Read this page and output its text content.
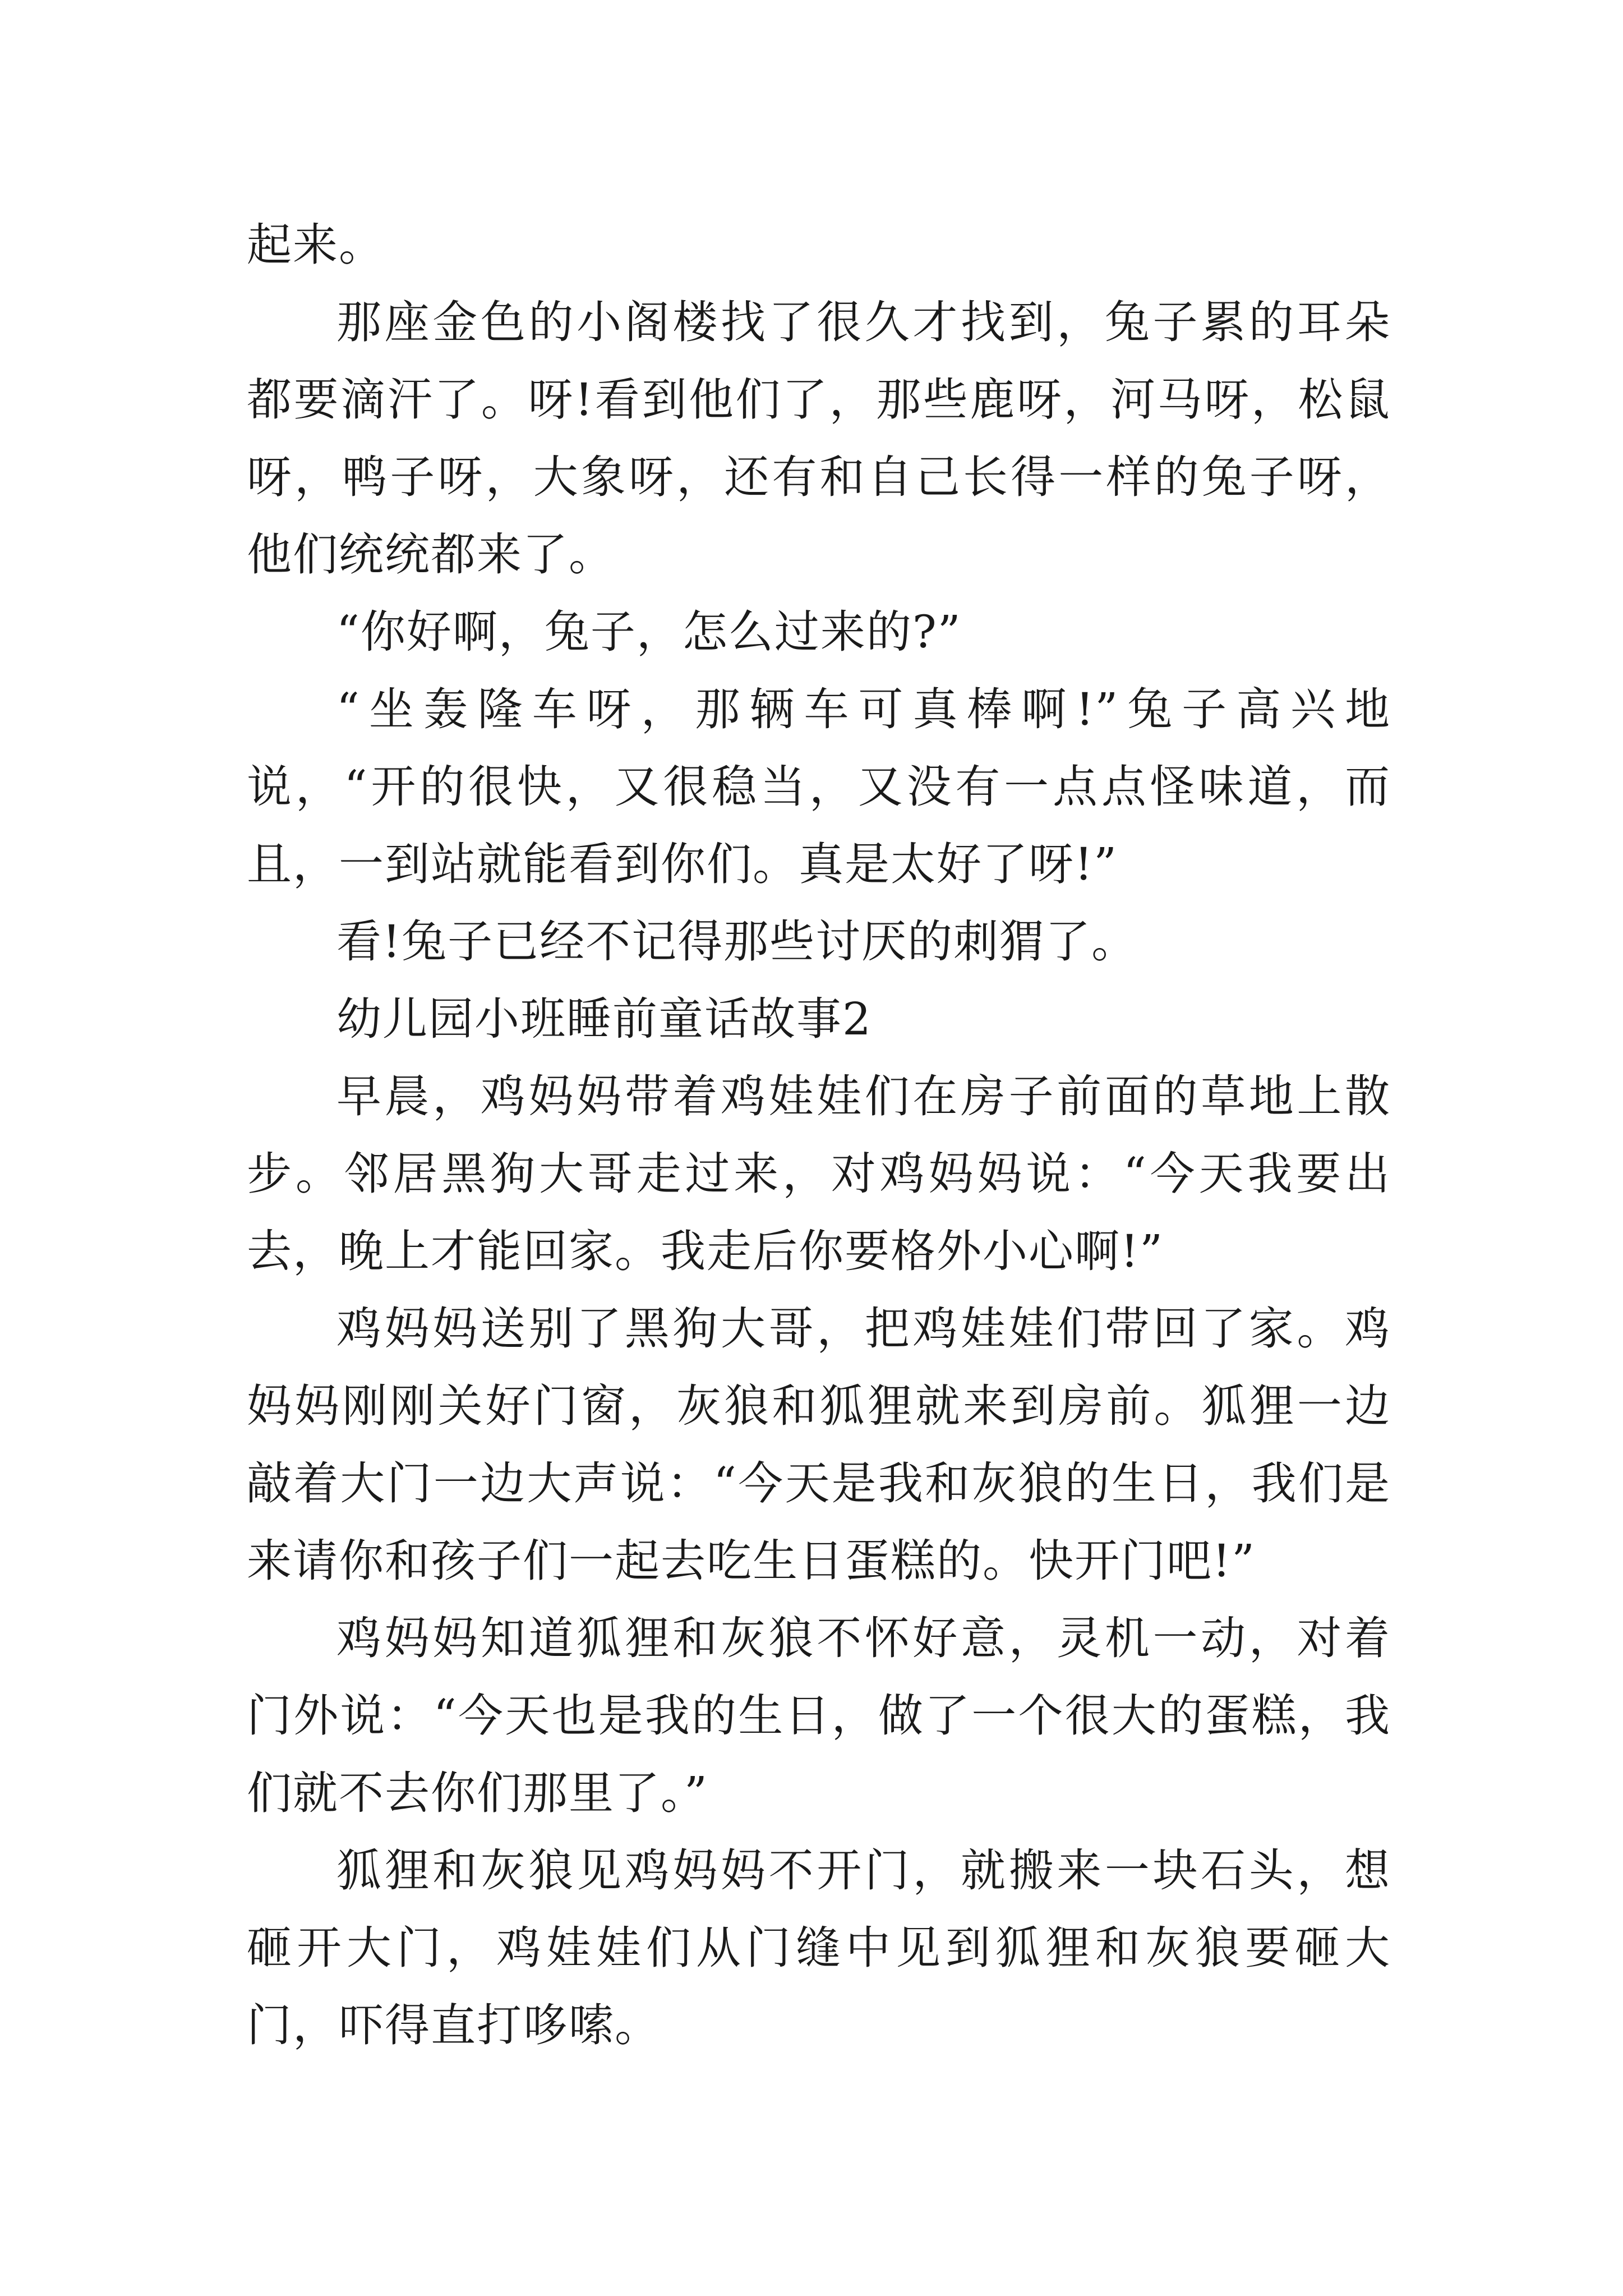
起来。

那座金色的小阁楼找了很久才找到，兔子累的耳朵都要滴汗了。呀!看到他们了，那些鹿呀，河马呀，松鼠呀，鸭子呀，大象呀，还有和自己长得一样的兔子呀，他们统统都来了。

“你好啊，兔子，怎么过来的?”

“坐轰隆车呀，那辆车可真棒啊!”兔子高兴地说，“开的很快，又很稳当，又没有一点点怪味道，而且，一到站就能看到你们。真是太好了呀!”

看!兔子已经不记得那些讨厌的刺猬了。

幼儿园小班睡前童话故事2

早晨，鸡妈妈带着鸡娃娃们在房子前面的草地上散步。邻居黑狗大哥走过来，对鸡妈妈说：“今天我要出去，晚上才能回家。我走后你要格外小心啊!”

鸡妈妈送别了黑狗大哥，把鸡娃娃们带回了家。鸡妈妈刚刚关好门窗，灰狼和狐狸就来到房前。狐狸一边敲着大门一边大声说：“今天是我和灰狼的生日，我们是来请你和孩子们一起去吃生日蛋糕的。快开门吧!”

鸡妈妈知道狐狸和灰狼不怀好意，灵机一动，对着门外说：“今天也是我的生日，做了一个很大的蛋糕，我们就不去你们那里了。”

狐狸和灰狼见鸡妈妈不开门，就搬来一块石头，想砸开大门，鸡娃娃们从门缝中见到狐狸和灰狼要砸大门，吓得直打哆嗦。
